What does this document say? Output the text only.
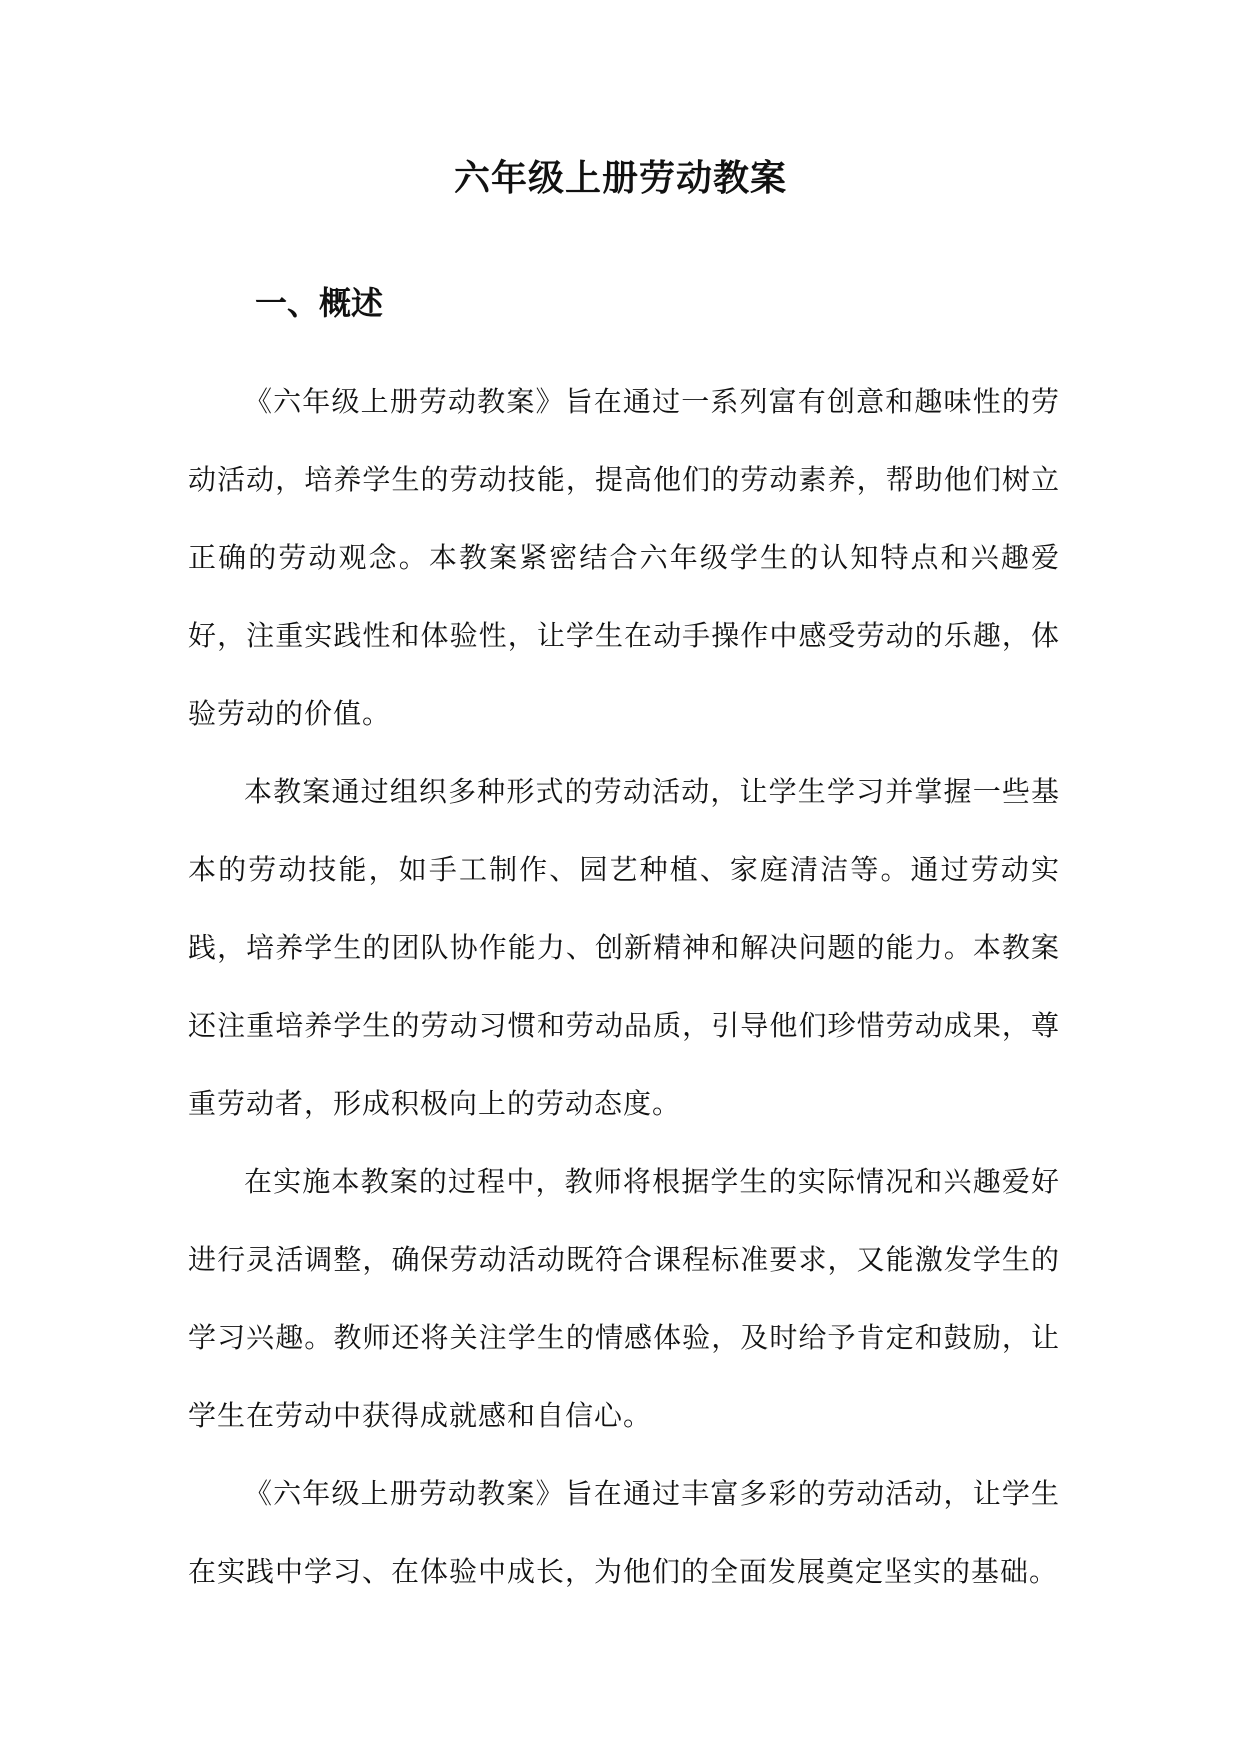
六年级上册劳动教案
一、概述

《六年级上册劳动教案》旨在通过一系列富有创意和趣味性的劳动活动，培养学生的劳动技能，提高他们的劳动素养，帮助他们树立正确的劳动观念。本教案紧密结合六年级学生的认知特点和兴趣爱好，注重实践性和体验性，让学生在动手操作中感受劳动的乐趣，体验劳动的价值。

本教案通过组织多种形式的劳动活动，让学生学习并掌握一些基本的劳动技能，如手工制作、园艺种植、家庭清洁等。通过劳动实践，培养学生的团队协作能力、创新精神和解决问题的能力。本教案还注重培养学生的劳动习惯和劳动品质，引导他们珍惜劳动成果，尊重劳动者，形成积极向上的劳动态度。

在实施本教案的过程中，教师将根据学生的实际情况和兴趣爱好进行灵活调整，确保劳动活动既符合课程标准要求，又能激发学生的学习兴趣。教师还将关注学生的情感体验，及时给予肯定和鼓励，让学生在劳动中获得成就感和自信心。

《六年级上册劳动教案》旨在通过丰富多彩的劳动活动，让学生在实践中学习、在体验中成长，为他们的全面发展奠定坚实的基础。
